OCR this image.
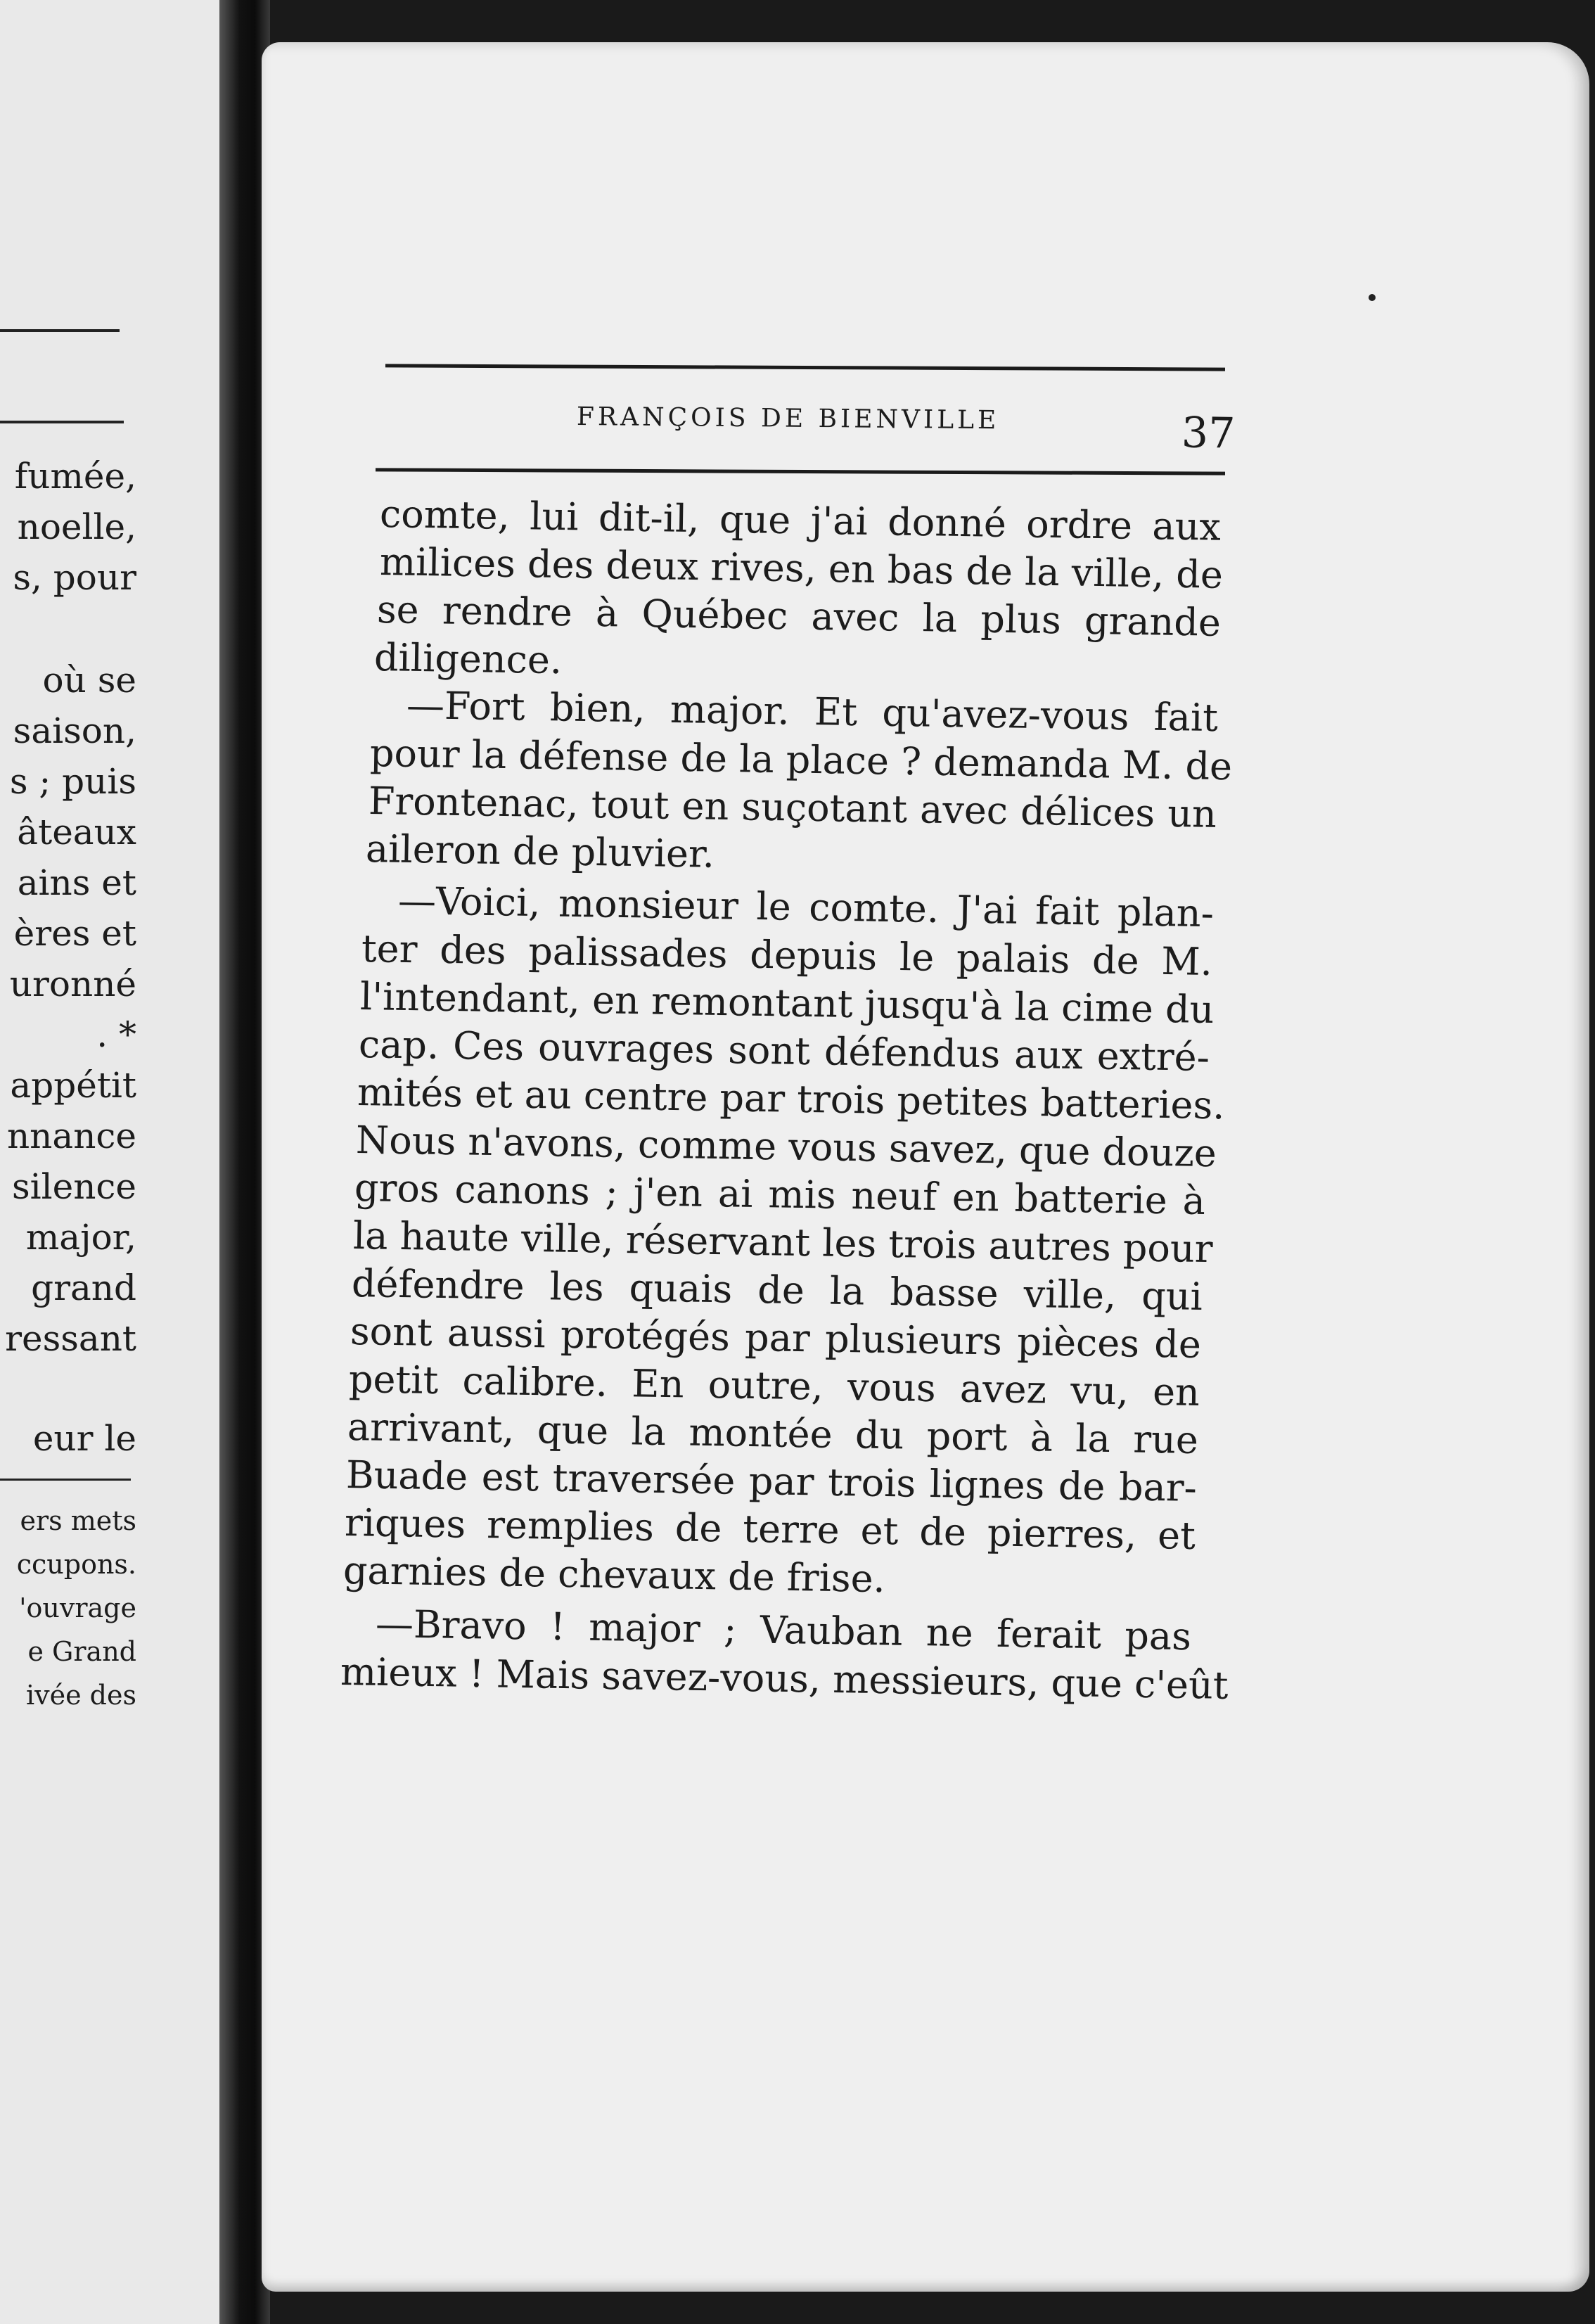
fumée,
noelle,
s, pour
où se
saison,
s ; puis
âteaux
ains et
ères et
uronné
. *
appétit
nnance
silence
major,
grand
ressant
eur le
ers mets
ccupons.
'ouvrage
e Grand
ivée des
FRANÇOIS DE BIENVILLE	37
comte, lui dit-il, que j'ai donné ordre aux
milices des deux rives, en bas de la ville, de
se rendre à Québec avec la plus grande
diligence.
—Fort bien, major. Et qu'avez-vous fait
pour la défense de la place ? demanda M. de
Frontenac, tout en suçotant avec délices un
aileron de pluvier.
—Voici, monsieur le comte. J'ai fait plan-
ter des palissades depuis le palais de M.
l'intendant, en remontant jusqu'à la cime du
cap. Ces ouvrages sont défendus aux extré-
mités et au centre par trois petites batteries.
Nous n'avons, comme vous savez, que douze
gros canons ; j'en ai mis neuf en batterie à
la haute ville, réservant les trois autres pour
défendre les quais de la basse ville, qui
sont aussi protégés par plusieurs pièces de
petit calibre. En outre, vous avez vu, en
arrivant, que la montée du port à la rue
Buade est traversée par trois lignes de bar-
riques remplies de terre et de pierres, et
garnies de chevaux de frise.
—Bravo ! major ; Vauban ne ferait pas
mieux ! Mais savez-vous, messieurs, que c'eût
